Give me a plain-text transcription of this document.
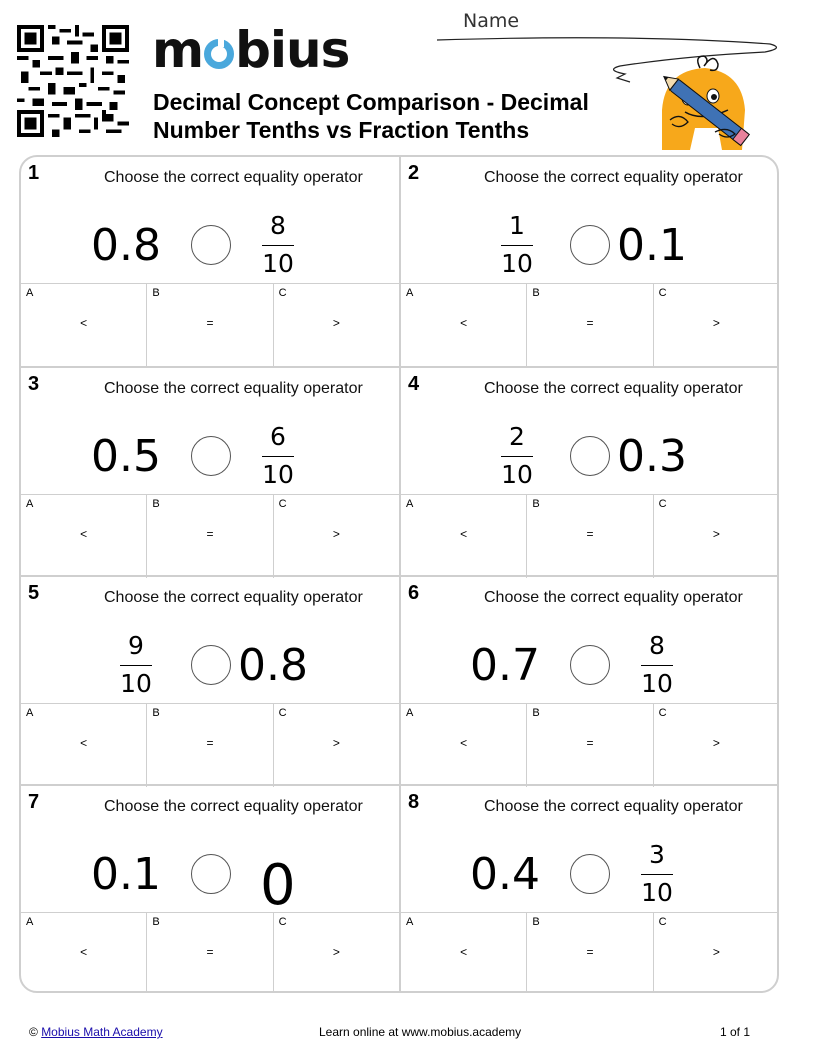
m bius
Decimal Concept Comparison - Decimal Number Tenths vs Fraction Tenths
Name
1	Choose the correct equality operator
0.8	8
10
A
<
B
=
C
>
2	Choose the correct equality operator
1
10 0.1
A
<
B
=
C
>
3	Choose the correct equality operator
0.5	6
10
A
<
B
=
C
>
4	Choose the correct equality operator
2
10 0.3
A
<
B
=
C
>
5	Choose the correct equality operator
9
10 0.8
A
<
B
=
C
>
6	Choose the correct equality operator
0.7	8
10
A
<
B
=
C
>
7	Choose the correct equality operator
0.1 0
A
<
B
=
C
>
8	Choose the correct equality operator
0.4	3
10
A
<
B
=
C
>
© Mobius Math Academy	Learn online at www.mobius.academy	1 of 1
